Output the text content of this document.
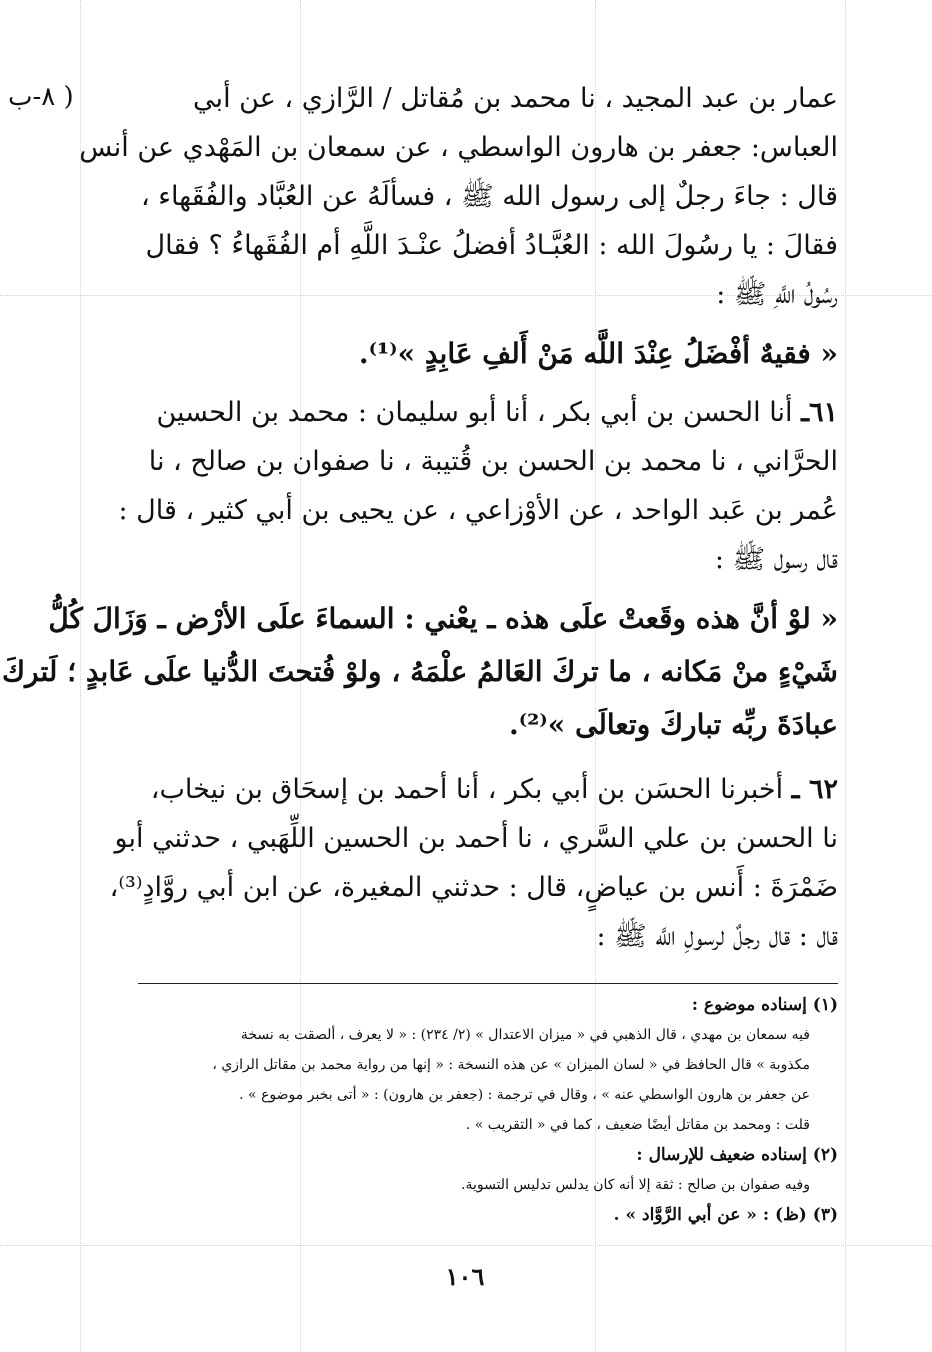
( ٨-ب	عمار بن عبد المجيد ، نا محمد بن مُقاتل / الرَّازي ، عن أبي
العباس: جعفر بن هارون الواسطي ، عن سمعان بن المَهْدي عن أنس
قال : جاءَ رجلٌ إلى رسول الله ﷺ ، فسألَهُ عن العُبَّاد والفُقَهاء ،
فقالَ : يا رسُولَ الله : العُبَّـادُ أفضلُ عنْـدَ اللَّهِ أم الفُقَهاءُ ؟ فقال
رسُولُ اللَّهِ ﷺ :
« فقيهٌ أفْضَلُ عِنْدَ اللَّه مَنْ أَلفِ عَابِدٍ »⁽¹⁾.
٦١ـ أنا الحسن بن أبي بكر ، أنا أبو سليمان : محمد بن الحسين
الحرَّاني ، نا محمد بن الحسن بن قُتيبة ، نا صفوان بن صالح ، نا
عُمر بن عَبد الواحد ، عن الأوْزاعي ، عن يحيى بن أبي كثير ، قال :
قال رسول ﷺ :
« لوْ أنَّ هذه وقَعتْ علَى هذه ـ يعْني : السماءَ علَى الأرْض ـ وَزَالَ كُلُّ
شَيْءٍ منْ مَكانه ، ما تركَ العَالمُ علْمَهُ ، ولوْ فُتحتَ الدُّنيا علَى عَابدٍ ؛ لَتركَ
عبادَةَ ربِّه تباركَ وتعالَى »⁽²⁾.
٦٢ ـ أخبرنا الحسَن بن أبي بكر ، أنا أحمد بن إسحَاق بن نيخاب،
نا الحسن بن علي السَّري ، نا أحمد بن الحسين اللِّهَبي ، حدثني أبو
ضَمْرَةَ : أَنس بن عياضٍ، قال : حدثني المغيرة، عن ابن أبي روَّادٍ⁽³⁾،
قال : قال رجلٌ لرسولِ اللَّه ﷺ :
(١) إسناده موضوع :
فيه سمعان بن مهدي ، قال الذهبي في « ميزان الاعتدال » (٢/ ٢٣٤) : « لا يعرف ، ألصقت به نسخة
مكذوبة » قال الحافظ في « لسان الميزان » عن هذه النسخة : « إنها من رواية محمد بن مقاتل الرازي ،
عن جعفر بن هارون الواسطي عنه » ، وقال في ترجمة : (جعفر بن هارون) : « أتى بخبر موضوع » .
قلت : ومحمد بن مقاتل أيضًا ضعيف ، كما في « التقريب » .
(٢) إسناده ضعيف للإرسال :
وفيه صفوان بن صالح : ثقة إلا أنه كان يدلس تدليس التسوية.
(٣) (ظ) : « عن أبي الرَّوَّاد » .
١٠٦
